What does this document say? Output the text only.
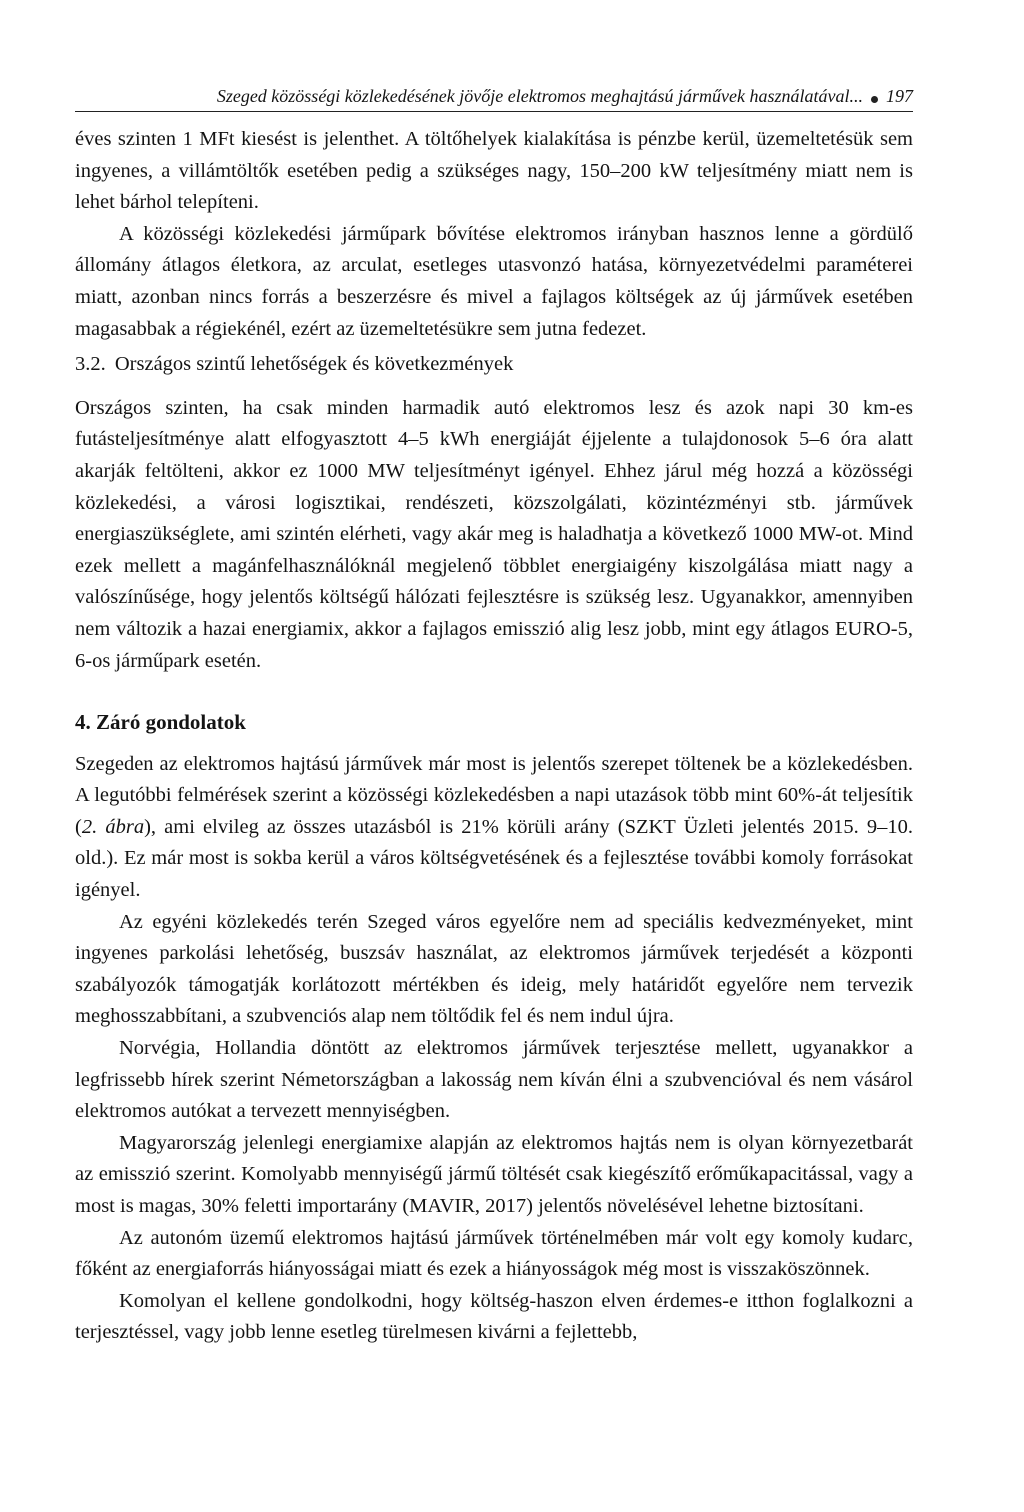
Szeged közösségi közlekedésének jövője elektromos meghajtású járművek használatával... 197

éves szinten 1 MFt kiesést is jelenthet. A töltőhelyek kialakítása is pénzbe kerül, üzemeltetésük sem ingyenes, a villámtöltők esetében pedig a szükséges nagy, 150–200 kW teljesítmény miatt nem is lehet bárhol telepíteni.

A közösségi közlekedési járműpark bővítése elektromos irányban hasznos lenne a gördülő állomány átlagos életkora, az arculat, esetleges utasvonzó hatása, környezetvédelmi paraméterei miatt, azonban nincs forrás a beszerzésre és mivel a fajlagos költségek az új járművek esetében magasabbak a régiekénél, ezért az üzemeltetésükre sem jutna fedezet.

3.2. Országos szintű lehetőségek és következmények

Országos szinten, ha csak minden harmadik autó elektromos lesz és azok napi 30 km-es futásteljesítménye alatt elfogyasztott 4–5 kWh energiáját éjjelente a tulajdonosok 5–6 óra alatt akarják feltölteni, akkor ez 1000 MW teljesítményt igényel. Ehhez járul még hozzá a közösségi közlekedési, a városi logisztikai, rendészeti, közszolgálati, közintézményi stb. járművek energiaszükséglete, ami szintén elérheti, vagy akár meg is haladhatja a következő 1000 MW-ot. Mind ezek mellett a magánfelhasználóknál megjelenő többlet energiaigény kiszolgálása miatt nagy a valószínűsége, hogy jelentős költségű hálózati fejlesztésre is szükség lesz. Ugyanakkor, amennyiben nem változik a hazai energiamix, akkor a fajlagos emisszió alig lesz jobb, mint egy átlagos EURO-5, 6-os járműpark esetén.

4. Záró gondolatok

Szegeden az elektromos hajtású járművek már most is jelentős szerepet töltenek be a közlekedésben. A legutóbbi felmérések szerint a közösségi közlekedésben a napi utazások több mint 60%-át teljesítik (2. ábra), ami elvileg az összes utazásból is 21% körüli arány (SZKT Üzleti jelentés 2015. 9–10. old.). Ez már most is sokba kerül a város költségvetésének és a fejlesztése további komoly forrásokat igényel.

Az egyéni közlekedés terén Szeged város egyelőre nem ad speciális kedvezményeket, mint ingyenes parkolási lehetőség, buszsáv használat, az elektromos járművek terjedését a központi szabályozók támogatják korlátozott mértékben és ideig, mely határidőt egyelőre nem tervezik meghosszabbítani, a szubvenciós alap nem töltődik fel és nem indul újra.

Norvégia, Hollandia döntött az elektromos járművek terjesztése mellett, ugyanakkor a legfrissebb hírek szerint Németországban a lakosság nem kíván élni a szubvencióval és nem vásárol elektromos autókat a tervezett mennyiségben.

Magyarország jelenlegi energiamixe alapján az elektromos hajtás nem is olyan környezetbarát az emisszió szerint. Komolyabb mennyiségű jármű töltését csak kiegészítő erőműkapacitással, vagy a most is magas, 30% feletti importarány (MAVIR, 2017) jelentős növelésével lehetne biztosítani.

Az autonóm üzemű elektromos hajtású járművek történelmében már volt egy komoly kudarc, főként az energiaforrás hiányosságai miatt és ezek a hiányosságok még most is visszaköszönnek.

Komolyan el kellene gondolkodni, hogy költség-haszon elven érdemes-e itthon foglalkozni a terjesztéssel, vagy jobb lenne esetleg türelmesen kivárni a fejlettebb,
